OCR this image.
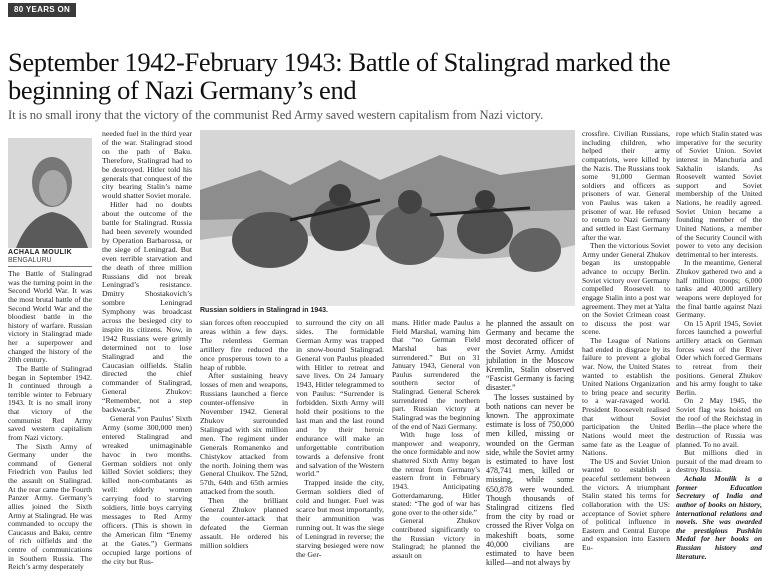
80 YEARS ON
September 1942-February 1943: Battle of Stalingrad marked the beginning of Nazi Germany’s end

It is no small irony that the victory of the communist Red Army saved western capitalism from Nazi victory.

ACHALA MOULIK
BENGALURU
Russian soldiers in Stalingrad in 1943.

The Battle of Stalingrad was the turning point in the Second World War. It was the most brutal battle of the Second World War and the bloodiest battle in the history of warfare. Russian victory in Stalingrad made her a superpower and changed the history of the 20th century.

The Battle of Stalingrad began in September 1942. It continued through a terrible winter to February 1943. It is no small irony that victory of the communist Red Army saved western capitalism from Nazi victory.

The Sixth Army of Germany under the command of General Friedrich von Paulus led the assault on Stalingrad. At the rear came the Fourth Panzer Army. Germany’s allies joined the Sixth Army at Stalingrad. He was commanded to occupy the Caucasus and Baku, centre of rich oilfields and the centre of communications in Southern Russia. The Reich’s army desperately

needed fuel in the third year of the war. Stalingrad stood on the path of Baku. Therefore, Stalingrad had to be destroyed. Hitler told his generals that conquest of the city bearing Stalin’s name would shatter Soviet morale.

Hitler had no doubts about the outcome of the battle for Stalingrad. Russia had been severely wounded by Operation Barbarossa, or the siege of Leningrad. But even terrible starvation and the death of three million Russians did not break Leningrad’s resistance. Dmitry Shostakovich’s sombre Leningrad Symphony was broadcast across the besieged city to inspire its citizens. Now, in 1942 Russians were grimly determined not to lose Stalingrad and the Caucasian oilfields. Stalin directed the chief commander of Stalingrad, General Zhukov: “Remember, not a step backwards.”

General von Paulus’ Sixth Army (some 300,000 men) entered Stalingrad and wreaked unimaginable havoc in two months. German soldiers not only killed Soviet soldiers; they killed non-combatants as well: elderly women carrying food to starving soldiers, little boys carrying messages to Red Army officers. (This is shown in the American film “Enemy at the Gates.”) Germans occupied large portions of the city but Rus-

sian forces often reoccupied areas within a few days. The relentless German artillery fire reduced the once prosperous town to a heap of rubble.

After sustaining heavy losses of men and weapons, Russians launched a fierce counter-offensive in November 1942. General Zhukov surrounded Stalingrad with six million men. The regiment under Generals Romanenko and Chistykov attacked from the north. Joining them was General Chuikov. The 52nd, 57th, 64th and 65th armies attacked from the south.

Then the brilliant General Zhukov planned the counter-attack that defeated the German assault. He ordered his million soldiers

to surround the city on all sides. The formidable German Army was trapped in snow-bound Stalingrad. General von Paulus pleaded with Hitler to retreat and save lives. On 24 January 1943, Hitler telegrammed to von Paulus: “Surrender is forbidden. Sixth Army will hold their positions to the last man and the last round and by their heroic endurance will make an unforgettable contribution towards a defensive front and salvation of the Western world.”

Trapped inside the city, German soldiers died of cold and hunger. Fuel was scarce but most importantly, their ammunition was running out. It was the siege of Leningrad in reverse; the starving besieged were now the Ger-

mans. Hitler made Paulus a Field Marshal, warning him that “no German Field Marshal has ever surrendered.” But on 31 January 1943, General von Paulus surrendered the southern sector of Stalingrad. General Scherek surrendered the northern part. Russian victory at Stalingrad was the beginning of the end of Nazi Germany.

With huge loss of manpower and weaponry, the once formidable and now shattered Sixth Army began the retreat from Germany’s eastern front in February 1943. Anticipating Gotterdamarung, Hitler stated: “The god of war has gone over to the other side.”

General Zhukov contributed significantly to the Russian victory in Stalingrad; he planned the assault on

he planned the assault on Germany and became the most decorated officer of the Soviet Army. Amidst jubilation in the Moscow Kremlin, Stalin observed “Fascist Germany is facing disaster.”

The losses sustained by both nations can never be known. The approximate estimate is loss of 750,000 men killed, missing or wounded on the German side, while the Soviet army is estimated to have lost 478,741 men, killed or missing, while some 650,878 were wounded. Though thousands of Stalingrad citizens fled from the city by road or crossed the River Volga on makeshift boats, some 40,000 civilians are estimated to have been killed—and not always by

crossfire. Civilian Russians, including children, who helped their army compatriots, were killed by the Nazis. The Russians took some 91,000 German soldiers and officers as prisoners of war. General von Paulus was taken a prisoner of war. He refused to return to Nazi Germany and settled in East Germany after the war.

Then the victorious Soviet Army under General Zhukov began its unstoppable advance to occupy Berlin. Soviet victory over Germany compelled Roosevelt to engage Stalin into a post war agreement. They met at Yalta on the Soviet Crimean coast to discuss the post war scene.

The League of Nations had ended in disgrace by its failure to prevent a global war. Now, the United States wanted to establish the United Nations Organization to bring peace and security to a war-ravaged world. President Roosevelt realised that without Soviet participation the United Nations would meet the same fate as the League of Nations.

The US and Soviet Union wanted to establish a peaceful settlement between the victors. A triumphant Stalin stated his terms for collaboration with the US: acceptance of Soviet sphere of political influence in Eastern and Central Europe and expansion into Eastern Eu-

rope which Stalin stated was imperative for the security of Soviet Union. Soviet interest in Manchuria and Sakhalin islands. As Roosevelt wanted Soviet support and Soviet membership of the United Nations, he readily agreed. Soviet Union became a founding member of the United Nations, a member of the Security Council with power to veto any decision detrimental to her interests.

In the meantime, General Zhukov gathered two and a half million troops; 6,000 tanks and 40,000 artillery weapons were deployed for the final battle against Nazi Germany.

On 15 April 1945, Soviet forces launched a powerful artillery attack on German forces west of the River Oder which forced Germans to retreat from their positions. General Zhukov and his army fought to take Berlin.

On 2 May 1945, the Soviet flag was hoisted on the roof of the Reichstag in Berlin—the place where the destruction of Russia was planned. To no avail.

But millions died in pursuit of the mad dream to destroy Russia.

Achala Moulik is a former Education Secretary of India and author of books on history, international relations and novels. She was awarded the prestigious Pushkin Medal for her books on Russian history and literature.
